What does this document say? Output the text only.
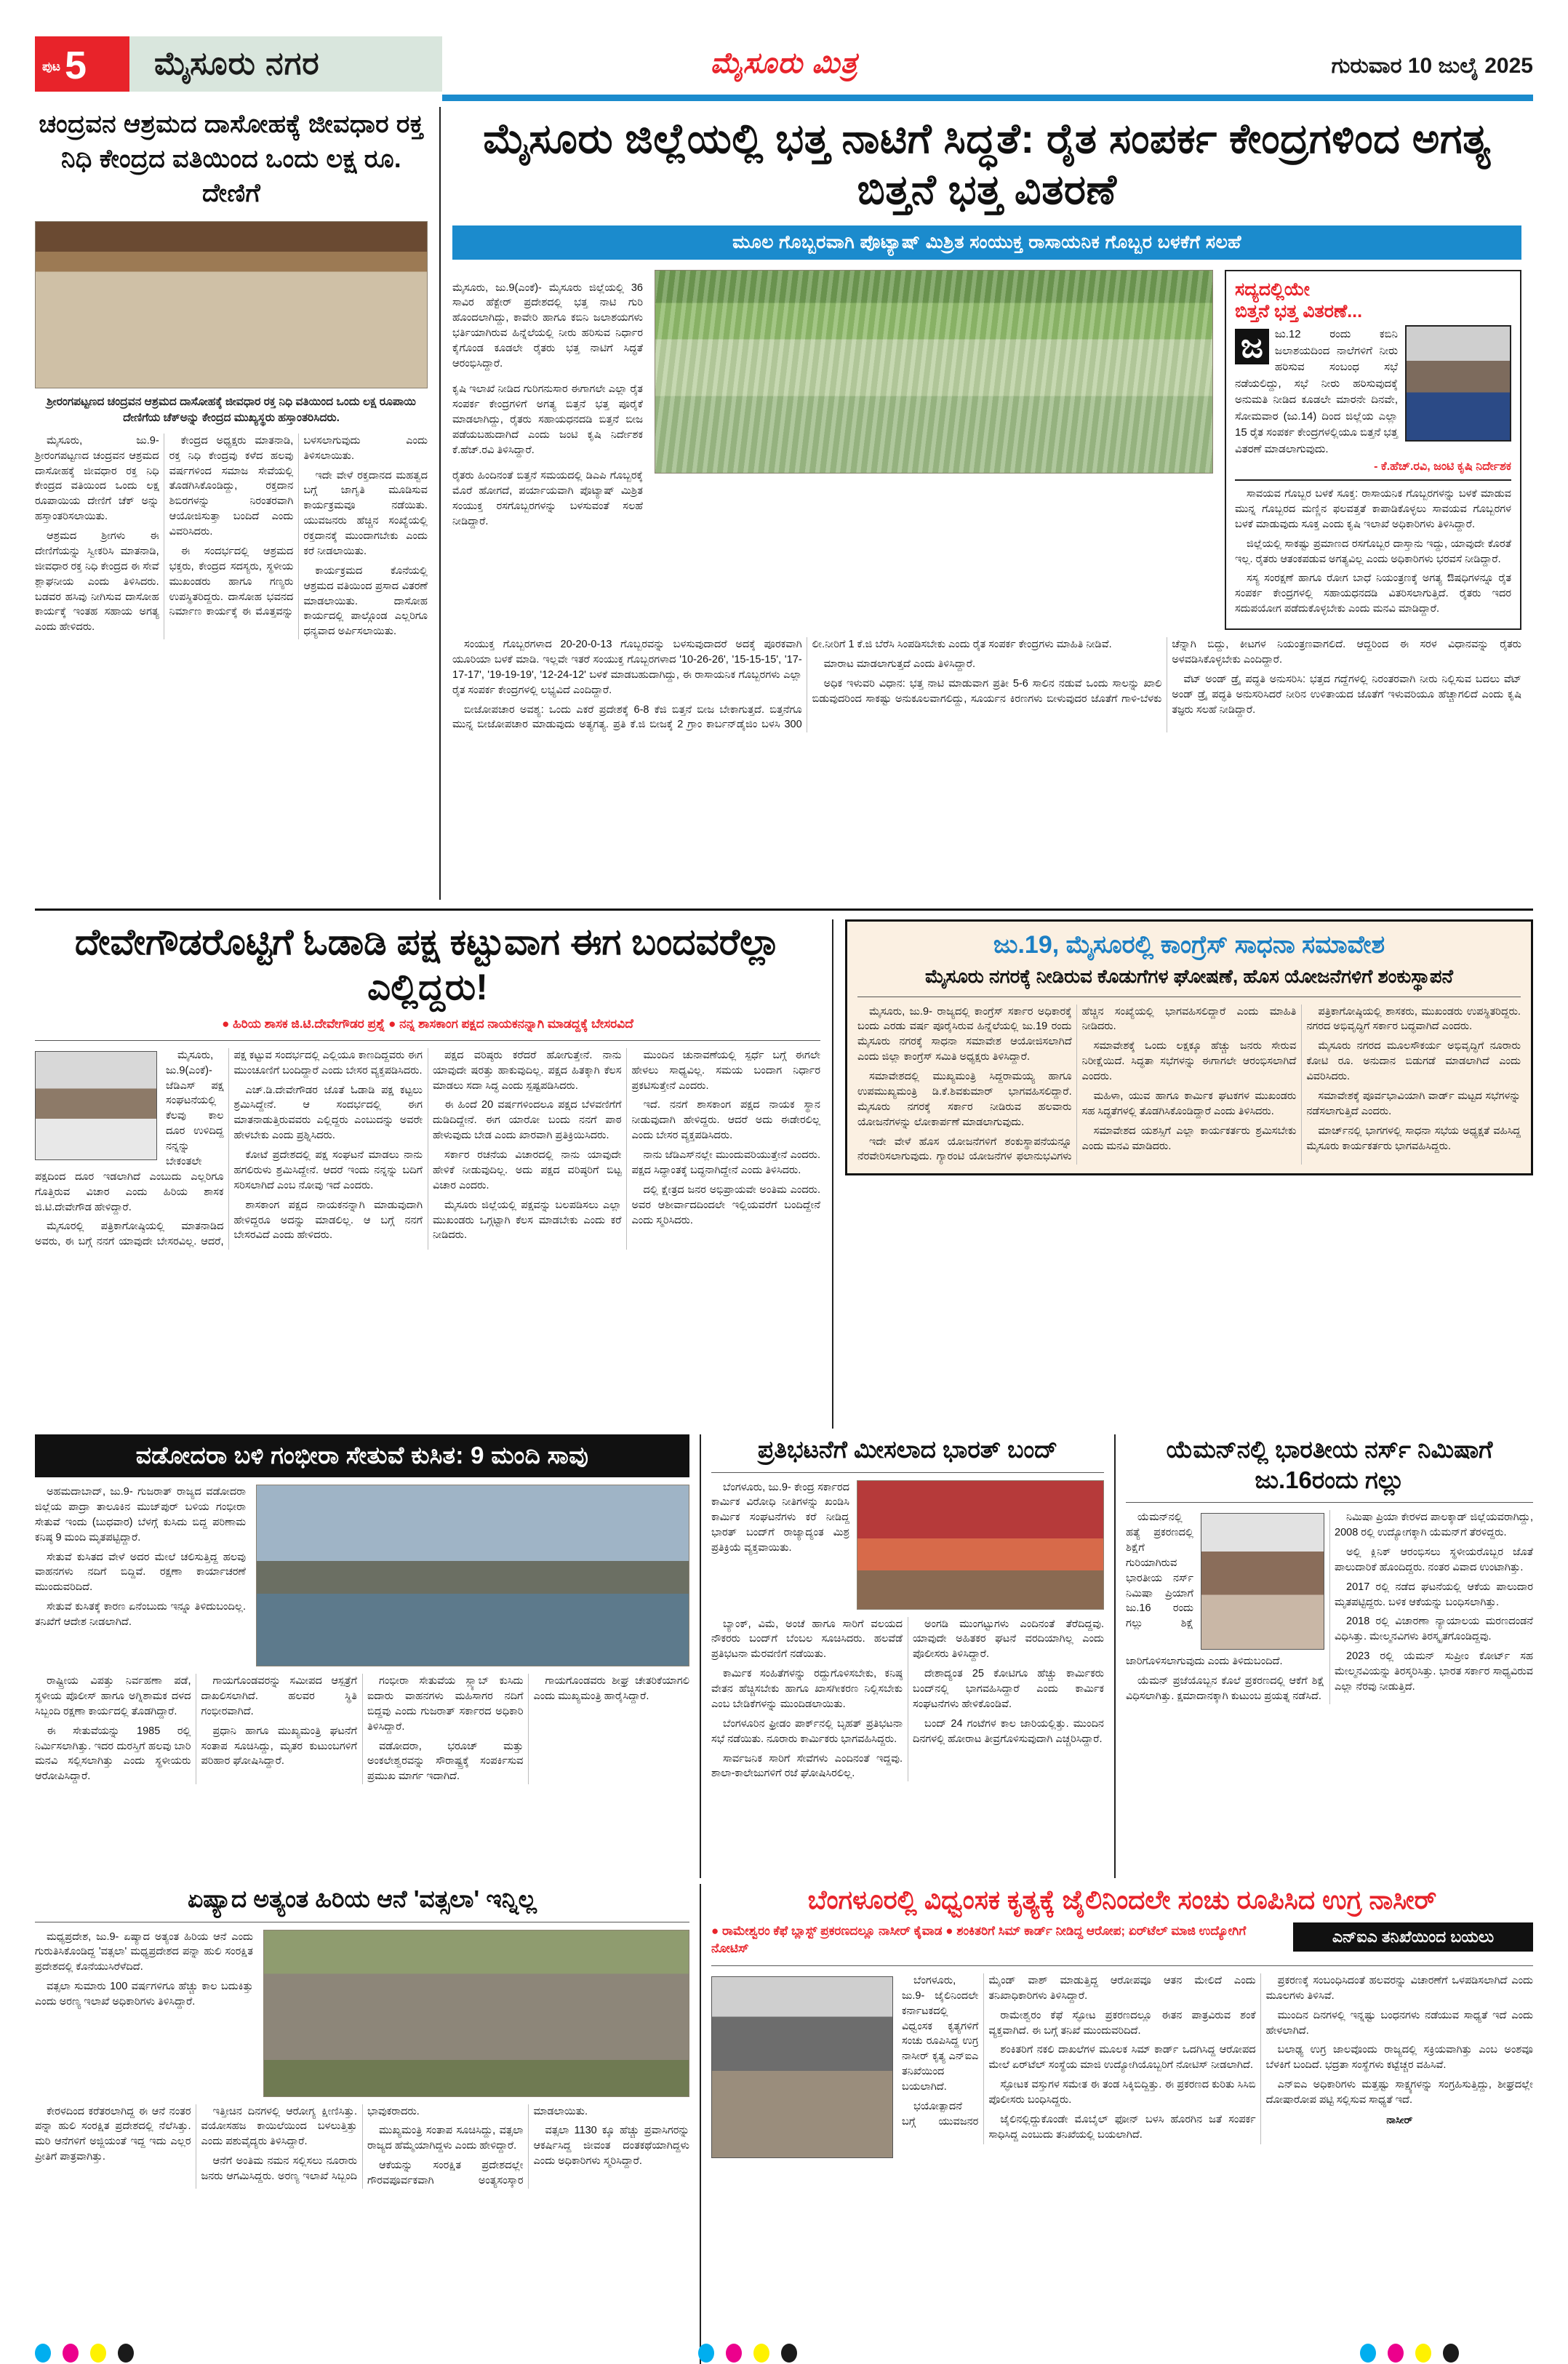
ಪುಟ 5	ಮೈಸೂರು ನಗರ	ಮೈಸೂರು ಮಿತ್ರ	ಗುರುವಾರ 10 ಜುಲೈ 2025
ಚಂದ್ರವನ ಆಶ್ರಮದ ದಾಸೋಹಕ್ಕೆ ಜೀವಧಾರ ರಕ್ತ ನಿಧಿ ಕೇಂದ್ರದ ವತಿಯಿಂದ ಒಂದು ಲಕ್ಷ ರೂ. ದೇಣಿಗೆ
ಶ್ರೀರಂಗಪಟ್ಟಣದ ಚಂದ್ರವನ ಆಶ್ರಮದ ದಾಸೋಹಕ್ಕೆ ಜೀವಧಾರ ರಕ್ತ ನಿಧಿ ವತಿಯಿಂದ ಒಂದು ಲಕ್ಷ ರೂಪಾಯಿ ದೇಣಿಗೆಯ ಚೆಕ್‌ಅನ್ನು ಕೇಂದ್ರದ ಮುಖ್ಯಸ್ಥರು ಹಸ್ತಾಂತರಿಸಿದರು.

ಮೈಸೂರು, ಜು.9- ಶ್ರೀರಂಗಪಟ್ಟಣದ ಚಂದ್ರವನ ಆಶ್ರಮದ ದಾಸೋಹಕ್ಕೆ ಜೀವಧಾರ ರಕ್ತ ನಿಧಿ ಕೇಂದ್ರದ ವತಿಯಿಂದ ಒಂದು ಲಕ್ಷ ರೂಪಾಯಿಯ ದೇಣಿಗೆ ಚೆಕ್ ಅನ್ನು ಹಸ್ತಾಂತರಿಸಲಾಯಿತು.

ಆಶ್ರಮದ ಶ್ರೀಗಳು ಈ ದೇಣಿಗೆಯನ್ನು ಸ್ವೀಕರಿಸಿ ಮಾತನಾಡಿ, ಜೀವಧಾರ ರಕ್ತ ನಿಧಿ ಕೇಂದ್ರದ ಈ ಸೇವೆ ಶ್ಲಾಘನೀಯ ಎಂದು ತಿಳಿಸಿದರು. ಬಡವರ ಹಸಿವು ನೀಗಿಸುವ ದಾಸೋಹ ಕಾರ್ಯಕ್ಕೆ ಇಂತಹ ಸಹಾಯ ಅಗತ್ಯ ಎಂದು ಹೇಳಿದರು.

ಕೇಂದ್ರದ ಅಧ್ಯಕ್ಷರು ಮಾತನಾಡಿ, ರಕ್ತ ನಿಧಿ ಕೇಂದ್ರವು ಕಳೆದ ಹಲವು ವರ್ಷಗಳಿಂದ ಸಮಾಜ ಸೇವೆಯಲ್ಲಿ ತೊಡಗಿಸಿಕೊಂಡಿದ್ದು, ರಕ್ತದಾನ ಶಿಬಿರಗಳನ್ನು ನಿರಂತರವಾಗಿ ಆಯೋಜಿಸುತ್ತಾ ಬಂದಿದೆ ಎಂದು ವಿವರಿಸಿದರು.

ಈ ಸಂದರ್ಭದಲ್ಲಿ ಆಶ್ರಮದ ಭಕ್ತರು, ಕೇಂದ್ರದ ಸದಸ್ಯರು, ಸ್ಥಳೀಯ ಮುಖಂಡರು ಹಾಗೂ ಗಣ್ಯರು ಉಪಸ್ಥಿತರಿದ್ದರು. ದಾಸೋಹ ಭವನದ ನಿರ್ಮಾಣ ಕಾರ್ಯಕ್ಕೆ ಈ ಮೊತ್ತವನ್ನು ಬಳಸಲಾಗುವುದು ಎಂದು ತಿಳಿಸಲಾಯಿತು.

ಇದೇ ವೇಳೆ ರಕ್ತದಾನದ ಮಹತ್ವದ ಬಗ್ಗೆ ಜಾಗೃತಿ ಮೂಡಿಸುವ ಕಾರ್ಯಕ್ರಮವೂ ನಡೆಯಿತು. ಯುವಜನರು ಹೆಚ್ಚಿನ ಸಂಖ್ಯೆಯಲ್ಲಿ ರಕ್ತದಾನಕ್ಕೆ ಮುಂದಾಗಬೇಕು ಎಂದು ಕರೆ ನೀಡಲಾಯಿತು.

ಕಾರ್ಯಕ್ರಮದ ಕೊನೆಯಲ್ಲಿ ಆಶ್ರಮದ ವತಿಯಿಂದ ಪ್ರಸಾದ ವಿತರಣೆ ಮಾಡಲಾಯಿತು. ದಾಸೋಹ ಕಾರ್ಯದಲ್ಲಿ ಪಾಲ್ಗೊಂಡ ಎಲ್ಲರಿಗೂ ಧನ್ಯವಾದ ಅರ್ಪಿಸಲಾಯಿತು.

ಮೈಸೂರು ಜಿಲ್ಲೆಯಲ್ಲಿ ಭತ್ತ ನಾಟಿಗೆ ಸಿದ್ಧತೆ: ರೈತ ಸಂಪರ್ಕ ಕೇಂದ್ರಗಳಿಂದ ಅಗತ್ಯ ಬಿತ್ತನೆ ಭತ್ತ ವಿತರಣೆ
ಮೂಲ ಗೊಬ್ಬರವಾಗಿ ಪೊಟ್ಯಾಷ್ ಮಿಶ್ರಿತ ಸಂಯುಕ್ತ ರಾಸಾಯನಿಕ ಗೊಬ್ಬರ ಬಳಕೆಗೆ ಸಲಹೆ

ಮೈಸೂರು, ಜು.9(ಎಂಕೆ)- ಮೈಸೂರು ಜಿಲ್ಲೆಯಲ್ಲಿ 36 ಸಾವಿರ ಹೆಕ್ಟೇರ್ ಪ್ರದೇಶದಲ್ಲಿ ಭತ್ತ ನಾಟಿ ಗುರಿ ಹೊಂದಲಾಗಿದ್ದು, ಕಾವೇರಿ ಹಾಗೂ ಕಬಿನಿ ಜಲಾಶಯಗಳು ಭರ್ತಿಯಾಗಿರುವ ಹಿನ್ನೆಲೆಯಲ್ಲಿ ನೀರು ಹರಿಸುವ ನಿರ್ಧಾರ ಕೈಗೊಂಡ ಕೂಡಲೇ ರೈತರು ಭತ್ತ ನಾಟಿಗೆ ಸಿದ್ಧತೆ ಆರಂಭಿಸಿದ್ದಾರೆ.

ಕೃಷಿ ಇಲಾಖೆ ನೀಡಿದ ಗುರಿಗನುಸಾರ ಈಗಾಗಲೇ ಎಲ್ಲಾ ರೈತ ಸಂಪರ್ಕ ಕೇಂದ್ರಗಳಿಗೆ ಅಗತ್ಯ ಬಿತ್ತನೆ ಭತ್ತ ಪೂರೈಕೆ ಮಾಡಲಾಗಿದ್ದು, ರೈತರು ಸಹಾಯಧನದಡಿ ಬಿತ್ತನೆ ಬೀಜ ಪಡೆಯಬಹುದಾಗಿದೆ ಎಂದು ಜಂಟಿ ಕೃಷಿ ನಿರ್ದೇಶಕ ಕೆ.ಹೆಚ್.ರವಿ ತಿಳಿಸಿದ್ದಾರೆ.

ರೈತರು ಹಿಂದಿನಂತೆ ಬಿತ್ತನೆ ಸಮಯದಲ್ಲಿ ಡಿಎಪಿ ಗೊಬ್ಬರಕ್ಕೆ ಮೊರೆ ಹೋಗದೆ, ಪರ್ಯಾಯವಾಗಿ ಪೊಟ್ಯಾಷ್ ಮಿಶ್ರಿತ ಸಂಯುಕ್ತ ರಸಗೊಬ್ಬರಗಳನ್ನು ಬಳಸುವಂತೆ ಸಲಹೆ ನೀಡಿದ್ದಾರೆ.

ಸದ್ಯದಲ್ಲಿಯೇ
ಬಿತ್ತನೆ ಭತ್ತ ವಿತರಣೆ...
ಜ	ಜು.12 ರಂದು ಕಬಿನಿ ಜಲಾಶಯದಿಂದ ನಾಲೆಗಳಿಗೆ ನೀರು ಹರಿಸುವ ಸಂಬಂಧ ಸಭೆ ನಡೆಯಲಿದ್ದು, ಸಭೆ ನೀರು ಹರಿಸುವುದಕ್ಕೆ ಅನುಮತಿ ನೀಡಿದ ಕೂಡಲೇ ಮಾರನೇ ದಿನವೇ, ಸೋಮವಾರ (ಜು.14) ದಿಂದ ಜಿಲ್ಲೆಯ ಎಲ್ಲಾ 15 ರೈತ ಸಂಪರ್ಕ ಕೇಂದ್ರಗಳಲ್ಲಿಯೂ ಬಿತ್ತನೆ ಭತ್ತ ವಿತರಣೆ ಮಾಡಲಾಗುವುದು.
- ಕೆ.ಹೆಚ್.ರವಿ, ಜಂಟಿ ಕೃಷಿ ನಿರ್ದೇಶಕ

ಸಾವಯವ ಗೊಬ್ಬರ ಬಳಕೆ ಸೂಕ್ತ: ರಾಸಾಯನಿಕ ಗೊಬ್ಬರಗಳನ್ನು ಬಳಕೆ ಮಾಡುವ ಮುನ್ನ ಗೊಬ್ಬರದ ಮಣ್ಣಿನ ಫಲವತ್ತತೆ ಕಾಪಾಡಿಕೊಳ್ಳಲು ಸಾವಯವ ಗೊಬ್ಬರಗಳ ಬಳಕೆ ಮಾಡುವುದು ಸೂಕ್ತ ಎಂದು ಕೃಷಿ ಇಲಾಖೆ ಅಧಿಕಾರಿಗಳು ತಿಳಿಸಿದ್ದಾರೆ.

ಜಿಲ್ಲೆಯಲ್ಲಿ ಸಾಕಷ್ಟು ಪ್ರಮಾಣದ ರಸಗೊಬ್ಬರ ದಾಸ್ತಾನು ಇದ್ದು, ಯಾವುದೇ ಕೊರತೆ ಇಲ್ಲ. ರೈತರು ಆತಂಕಪಡುವ ಅಗತ್ಯವಿಲ್ಲ ಎಂದು ಅಧಿಕಾರಿಗಳು ಭರವಸೆ ನೀಡಿದ್ದಾರೆ.

ಸಸ್ಯ ಸಂರಕ್ಷಣೆ ಹಾಗೂ ರೋಗ ಬಾಧೆ ನಿಯಂತ್ರಣಕ್ಕೆ ಅಗತ್ಯ ಔಷಧಿಗಳನ್ನೂ ರೈತ ಸಂಪರ್ಕ ಕೇಂದ್ರಗಳಲ್ಲಿ ಸಹಾಯಧನದಡಿ ವಿತರಿಸಲಾಗುತ್ತಿದೆ. ರೈತರು ಇದರ ಸದುಪಯೋಗ ಪಡೆದುಕೊಳ್ಳಬೇಕು ಎಂದು ಮನವಿ ಮಾಡಿದ್ದಾರೆ.

ಸಂಯುಕ್ತ ಗೊಬ್ಬರಗಳಾದ 20-20-0-13 ಗೊಬ್ಬರವನ್ನು ಬಳಸುವುದಾದರೆ ಅದಕ್ಕೆ ಪೂರಕವಾಗಿ ಯೂರಿಯಾ ಬಳಕೆ ಮಾಡಿ. ಇಲ್ಲವೇ ಇತರೆ ಸಂಯುಕ್ತ ಗೊಬ್ಬರಗಳಾದ '10-26-26', '15-15-15', '17-17-17', '19-19-19', '12-24-12' ಬಳಕೆ ಮಾಡಬಹುದಾಗಿದ್ದು, ಈ ರಾಸಾಯನಿಕ ಗೊಬ್ಬರಗಳು ಎಲ್ಲಾ ರೈತ ಸಂಪರ್ಕ ಕೇಂದ್ರಗಳಲ್ಲಿ ಲಭ್ಯವಿದೆ ಎಂದಿದ್ದಾರೆ.

ಬೀಜೋಪಚಾರ ಅವಶ್ಯ: ಒಂದು ಎಕರೆ ಪ್ರದೇಶಕ್ಕೆ 6-8 ಕೆಜಿ ಬಿತ್ತನೆ ಬೀಜ ಬೇಕಾಗುತ್ತದೆ. ಬಿತ್ತನೆಗೂ ಮುನ್ನ ಬೀಜೋಪಚಾರ ಮಾಡುವುದು ಅತ್ಯಗತ್ಯ. ಪ್ರತಿ ಕೆ.ಜಿ ಬೀಜಕ್ಕೆ 2 ಗ್ರಾಂ ಕಾರ್ಬನ್‌ಡೈಜಿಂ ಬಳಸಿ 300 ಲೀ.ನೀರಿಗೆ 1 ಕೆ.ಜಿ ಬೆರೆಸಿ ಸಿಂಪಡಿಸಬೇಕು ಎಂದು ರೈತ ಸಂಪರ್ಕ ಕೇಂದ್ರಗಳು ಮಾಹಿತಿ ನೀಡಿವೆ.

ಮಾರಾಟ ಮಾಡಲಾಗುತ್ತದೆ ಎಂದು ತಿಳಿಸಿದ್ದಾರೆ.

ಅಧಿಕ ಇಳುವರಿ ವಿಧಾನ: ಭತ್ತ ನಾಟಿ ಮಾಡುವಾಗ ಪ್ರತೀ 5-6 ಸಾಲಿನ ನಡುವೆ ಒಂದು ಸಾಲನ್ನು ಖಾಲಿ ಬಿಡುವುದರಿಂದ ಸಾಕಷ್ಟು ಅನುಕೂಲವಾಗಲಿದ್ದು, ಸೂರ್ಯನ ಕಿರಣಗಳು ಬೀಳುವುದರ ಜೊತೆಗೆ ಗಾಳಿ-ಬೆಳಕು ಚೆನ್ನಾಗಿ ಬಿದ್ದು, ಕೀಟಗಳ ನಿಯಂತ್ರಣವಾಗಲಿದೆ. ಆದ್ದರಿಂದ ಈ ಸರಳ ವಿಧಾನವನ್ನು ರೈತರು ಅಳವಡಿಸಿಕೊಳ್ಳಬೇಕು ಎಂದಿದ್ದಾರೆ.

ವೆಟ್ ಅಂಡ್ ಡ್ರೈ ಪದ್ಧತಿ ಅನುಸರಿಸಿ: ಭತ್ತದ ಗದ್ದೆಗಳಲ್ಲಿ ನಿರಂತರವಾಗಿ ನೀರು ನಿಲ್ಲಿಸುವ ಬದಲು ವೆಟ್ ಅಂಡ್ ಡ್ರೈ ಪದ್ಧತಿ ಅನುಸರಿಸಿದರೆ ನೀರಿನ ಉಳಿತಾಯದ ಜೊತೆಗೆ ಇಳುವರಿಯೂ ಹೆಚ್ಚಾಗಲಿದೆ ಎಂದು ಕೃಷಿ ತಜ್ಞರು ಸಲಹೆ ನೀಡಿದ್ದಾರೆ.

ದೇವೇಗೌಡರೊಟ್ಟಿಗೆ ಓಡಾಡಿ ಪಕ್ಷ ಕಟ್ಟುವಾಗ ಈಗ ಬಂದವರೆಲ್ಲಾ ಎಲ್ಲಿದ್ದರು!
● ಹಿರಿಯ ಶಾಸಕ ಜಿ.ಟಿ.ದೇವೇಗೌಡರ ಪ್ರಶ್ನೆ ● ನನ್ನ ಶಾಸಕಾಂಗ ಪಕ್ಷದ ನಾಯಕನನ್ನಾಗಿ ಮಾಡದ್ದಕ್ಕೆ ಬೇಸರವಿದೆ

ಮೈಸೂರು, ಜು.9(ಎಂಕೆ)- ಜೆಡಿಎಸ್ ಪಕ್ಷ ಸಂಘಟನೆಯಲ್ಲಿ ಕೆಲವು ಕಾಲ ದೂರ ಉಳಿದಿದ್ದ ನನ್ನನ್ನು ಬೇಕಂತಲೇ ಪಕ್ಷದಿಂದ ದೂರ ಇಡಲಾಗಿದೆ ಎಂಬುದು ಎಲ್ಲರಿಗೂ ಗೊತ್ತಿರುವ ವಿಚಾರ ಎಂದು ಹಿರಿಯ ಶಾಸಕ ಜಿ.ಟಿ.ದೇವೇಗೌಡ ಹೇಳಿದ್ದಾರೆ.

ಮೈಸೂರಲ್ಲಿ ಪತ್ರಿಕಾಗೋಷ್ಠಿಯಲ್ಲಿ ಮಾತನಾಡಿದ ಅವರು, ಈ ಬಗ್ಗೆ ನನಗೆ ಯಾವುದೇ ಬೇಸರವಿಲ್ಲ. ಆದರೆ, ಪಕ್ಷ ಕಟ್ಟುವ ಸಂದರ್ಭದಲ್ಲಿ ಎಲ್ಲಿಯೂ ಕಾಣದಿದ್ದವರು ಈಗ ಮುಂಚೂಣಿಗೆ ಬಂದಿದ್ದಾರೆ ಎಂದು ಬೇಸರ ವ್ಯಕ್ತಪಡಿಸಿದರು.

ಎಚ್.ಡಿ.ದೇವೇಗೌಡರ ಜೊತೆ ಓಡಾಡಿ ಪಕ್ಷ ಕಟ್ಟಲು ಶ್ರಮಿಸಿದ್ದೇನೆ. ಆ ಸಂದರ್ಭದಲ್ಲಿ ಈಗ ಮಾತನಾಡುತ್ತಿರುವವರು ಎಲ್ಲಿದ್ದರು ಎಂಬುದನ್ನು ಅವರೇ ಹೇಳಬೇಕು ಎಂದು ಪ್ರಶ್ನಿಸಿದರು.

ಕೋಟೆ ಪ್ರದೇಶದಲ್ಲಿ ಪಕ್ಷ ಸಂಘಟನೆ ಮಾಡಲು ನಾನು ಹಗಲಿರುಳು ಶ್ರಮಿಸಿದ್ದೇನೆ. ಆದರೆ ಇಂದು ನನ್ನನ್ನು ಬದಿಗೆ ಸರಿಸಲಾಗಿದೆ ಎಂಬ ನೋವು ಇದೆ ಎಂದರು.

ಶಾಸಕಾಂಗ ಪಕ್ಷದ ನಾಯಕನನ್ನಾಗಿ ಮಾಡುವುದಾಗಿ ಹೇಳಿದ್ದರೂ ಅದನ್ನು ಮಾಡಲಿಲ್ಲ. ಆ ಬಗ್ಗೆ ನನಗೆ ಬೇಸರವಿದೆ ಎಂದು ಹೇಳಿದರು.

ಪಕ್ಷದ ವರಿಷ್ಠರು ಕರೆದರೆ ಹೋಗುತ್ತೇನೆ. ನಾನು ಯಾವುದೇ ಷರತ್ತು ಹಾಕುವುದಿಲ್ಲ. ಪಕ್ಷದ ಹಿತಕ್ಕಾಗಿ ಕೆಲಸ ಮಾಡಲು ಸದಾ ಸಿದ್ಧ ಎಂದು ಸ್ಪಷ್ಟಪಡಿಸಿದರು.

ಈ ಹಿಂದೆ 20 ವರ್ಷಗಳಿಂದಲೂ ಪಕ್ಷದ ಬೆಳವಣಿಗೆಗೆ ದುಡಿದಿದ್ದೇನೆ. ಈಗ ಯಾರೋ ಬಂದು ನನಗೆ ಪಾಠ ಹೇಳುವುದು ಬೇಡ ಎಂದು ಖಾರವಾಗಿ ಪ್ರತಿಕ್ರಿಯಿಸಿದರು.

ಸರ್ಕಾರ ರಚನೆಯ ವಿಚಾರದಲ್ಲಿ ನಾನು ಯಾವುದೇ ಹೇಳಿಕೆ ನೀಡುವುದಿಲ್ಲ. ಅದು ಪಕ್ಷದ ವರಿಷ್ಠರಿಗೆ ಬಿಟ್ಟ ವಿಚಾರ ಎಂದರು.

ಮೈಸೂರು ಜಿಲ್ಲೆಯಲ್ಲಿ ಪಕ್ಷವನ್ನು ಬಲಪಡಿಸಲು ಎಲ್ಲಾ ಮುಖಂಡರು ಒಗ್ಗಟ್ಟಾಗಿ ಕೆಲಸ ಮಾಡಬೇಕು ಎಂದು ಕರೆ ನೀಡಿದರು.

ಮುಂದಿನ ಚುನಾವಣೆಯಲ್ಲಿ ಸ್ಪರ್ಧೆ ಬಗ್ಗೆ ಈಗಲೇ ಹೇಳಲು ಸಾಧ್ಯವಿಲ್ಲ. ಸಮಯ ಬಂದಾಗ ನಿರ್ಧಾರ ಪ್ರಕಟಿಸುತ್ತೇನೆ ಎಂದರು.

ಇದೆ. ನನಗೆ ಶಾಸಕಾಂಗ ಪಕ್ಷದ ನಾಯಕ ಸ್ಥಾನ ನೀಡುವುದಾಗಿ ಹೇಳಿದ್ದರು. ಆದರೆ ಅದು ಈಡೇರಲಿಲ್ಲ ಎಂದು ಬೇಸರ ವ್ಯಕ್ತಪಡಿಸಿದರು.

ನಾನು ಜೆಡಿಎಸ್‌ನಲ್ಲೇ ಮುಂದುವರಿಯುತ್ತೇನೆ ಎಂದರು. ಪಕ್ಷದ ಸಿದ್ಧಾಂತಕ್ಕೆ ಬದ್ಧನಾಗಿದ್ದೇನೆ ಎಂದು ತಿಳಿಸಿದರು.

ದಲ್ಲಿ ಕ್ಷೇತ್ರದ ಜನರ ಅಭಿಪ್ರಾಯವೇ ಅಂತಿಮ ಎಂದರು. ಅವರ ಆಶೀರ್ವಾದದಿಂದಲೇ ಇಲ್ಲಿಯವರೆಗೆ ಬಂದಿದ್ದೇನೆ ಎಂದು ಸ್ಮರಿಸಿದರು.

ಜು.19, ಮೈಸೂರಲ್ಲಿ ಕಾಂಗ್ರೆಸ್ ಸಾಧನಾ ಸಮಾವೇಶ
ಮೈಸೂರು ನಗರಕ್ಕೆ ನೀಡಿರುವ ಕೊಡುಗೆಗಳ ಘೋಷಣೆ, ಹೊಸ ಯೋಜನೆಗಳಿಗೆ ಶಂಕುಸ್ಥಾಪನೆ

ಮೈಸೂರು, ಜು.9- ರಾಜ್ಯದಲ್ಲಿ ಕಾಂಗ್ರೆಸ್ ಸರ್ಕಾರ ಅಧಿಕಾರಕ್ಕೆ ಬಂದು ಎರಡು ವರ್ಷ ಪೂರೈಸಿರುವ ಹಿನ್ನೆಲೆಯಲ್ಲಿ ಜು.19 ರಂದು ಮೈಸೂರು ನಗರಕ್ಕೆ ಸಾಧನಾ ಸಮಾವೇಶ ಆಯೋಜಿಸಲಾಗಿದೆ ಎಂದು ಜಿಲ್ಲಾ ಕಾಂಗ್ರೆಸ್ ಸಮಿತಿ ಅಧ್ಯಕ್ಷರು ತಿಳಿಸಿದ್ದಾರೆ.

ಸಮಾವೇಶದಲ್ಲಿ ಮುಖ್ಯಮಂತ್ರಿ ಸಿದ್ದರಾಮಯ್ಯ ಹಾಗೂ ಉಪಮುಖ್ಯಮಂತ್ರಿ ಡಿ.ಕೆ.ಶಿವಕುಮಾರ್ ಭಾಗವಹಿಸಲಿದ್ದಾರೆ. ಮೈಸೂರು ನಗರಕ್ಕೆ ಸರ್ಕಾರ ನೀಡಿರುವ ಹಲವಾರು ಯೋಜನೆಗಳನ್ನು ಲೋಕಾರ್ಪಣೆ ಮಾಡಲಾಗುವುದು.

ಇದೇ ವೇಳೆ ಹೊಸ ಯೋಜನೆಗಳಿಗೆ ಶಂಕುಸ್ಥಾಪನೆಯನ್ನೂ ನೆರವೇರಿಸಲಾಗುವುದು. ಗ್ಯಾರಂಟಿ ಯೋಜನೆಗಳ ಫಲಾನುಭವಿಗಳು ಹೆಚ್ಚಿನ ಸಂಖ್ಯೆಯಲ್ಲಿ ಭಾಗವಹಿಸಲಿದ್ದಾರೆ ಎಂದು ಮಾಹಿತಿ ನೀಡಿದರು.

ಸಮಾವೇಶಕ್ಕೆ ಒಂದು ಲಕ್ಷಕ್ಕೂ ಹೆಚ್ಚು ಜನರು ಸೇರುವ ನಿರೀಕ್ಷೆಯಿದೆ. ಸಿದ್ಧತಾ ಸಭೆಗಳನ್ನು ಈಗಾಗಲೇ ಆರಂಭಿಸಲಾಗಿದೆ ಎಂದರು.

ಮಹಿಳಾ, ಯುವ ಹಾಗೂ ಕಾರ್ಮಿಕ ಘಟಕಗಳ ಮುಖಂಡರು ಸಹ ಸಿದ್ಧತೆಗಳಲ್ಲಿ ತೊಡಗಿಸಿಕೊಂಡಿದ್ದಾರೆ ಎಂದು ತಿಳಿಸಿದರು.

ಸಮಾವೇಶದ ಯಶಸ್ಸಿಗೆ ಎಲ್ಲಾ ಕಾರ್ಯಕರ್ತರು ಶ್ರಮಿಸಬೇಕು ಎಂದು ಮನವಿ ಮಾಡಿದರು.

ಪತ್ರಿಕಾಗೋಷ್ಠಿಯಲ್ಲಿ ಶಾಸಕರು, ಮುಖಂಡರು ಉಪಸ್ಥಿತರಿದ್ದರು. ನಗರದ ಅಭಿವೃದ್ಧಿಗೆ ಸರ್ಕಾರ ಬದ್ಧವಾಗಿದೆ ಎಂದರು.

ಮೈಸೂರು ನಗರದ ಮೂಲಸೌಕರ್ಯ ಅಭಿವೃದ್ಧಿಗೆ ನೂರಾರು ಕೋಟಿ ರೂ. ಅನುದಾನ ಬಿಡುಗಡೆ ಮಾಡಲಾಗಿದೆ ಎಂದು ವಿವರಿಸಿದರು.

ಸಮಾವೇಶಕ್ಕೆ ಪೂರ್ವಭಾವಿಯಾಗಿ ವಾರ್ಡ್ ಮಟ್ಟದ ಸಭೆಗಳನ್ನು ನಡೆಸಲಾಗುತ್ತಿದೆ ಎಂದರು.

ಮಾರ್ಚ್‌ನಲ್ಲಿ ಭಾಗಗಳಲ್ಲಿ ಸಾಧನಾ ಸಭೆಯ ಅಧ್ಯಕ್ಷತೆ ವಹಿಸಿದ್ದ ಮೈಸೂರು ಕಾರ್ಯಕರ್ತರು ಭಾಗವಹಿಸಿದ್ದರು.

ವಡೋದರಾ ಬಳಿ ಗಂಭೀರಾ ಸೇತುವೆ ಕುಸಿತ: 9 ಮಂದಿ ಸಾವು

ಅಹಮದಾಬಾದ್, ಜು.9- ಗುಜರಾತ್ ರಾಜ್ಯದ ವಡೋದರಾ ಜಿಲ್ಲೆಯ ಪಾದ್ರಾ ತಾಲೂಕಿನ ಮುಜ್‌ಪುರ್ ಬಳಿಯ ಗಂಭೀರಾ ಸೇತುವೆ ಇಂದು (ಬುಧವಾರ) ಬೆಳಗ್ಗೆ ಕುಸಿದು ಬಿದ್ದ ಪರಿಣಾಮ ಕನಿಷ್ಠ 9 ಮಂದಿ ಮೃತಪಟ್ಟಿದ್ದಾರೆ.

ಸೇತುವೆ ಕುಸಿತದ ವೇಳೆ ಅದರ ಮೇಲೆ ಚಲಿಸುತ್ತಿದ್ದ ಹಲವು ವಾಹನಗಳು ನದಿಗೆ ಬಿದ್ದಿವೆ. ರಕ್ಷಣಾ ಕಾರ್ಯಾಚರಣೆ ಮುಂದುವರಿದಿದೆ.

ಸೇತುವೆ ಕುಸಿತಕ್ಕೆ ಕಾರಣ ಏನೆಂಬುದು ಇನ್ನೂ ತಿಳಿದುಬಂದಿಲ್ಲ. ತನಿಖೆಗೆ ಆದೇಶ ನೀಡಲಾಗಿದೆ.

ರಾಷ್ಟ್ರೀಯ ವಿಪತ್ತು ನಿರ್ವಹಣಾ ಪಡೆ, ಸ್ಥಳೀಯ ಪೊಲೀಸ್ ಹಾಗೂ ಅಗ್ನಿಶಾಮಕ ದಳದ ಸಿಬ್ಬಂದಿ ರಕ್ಷಣಾ ಕಾರ್ಯದಲ್ಲಿ ತೊಡಗಿದ್ದಾರೆ.

ಈ ಸೇತುವೆಯನ್ನು 1985 ರಲ್ಲಿ ನಿರ್ಮಿಸಲಾಗಿತ್ತು. ಇದರ ದುರಸ್ತಿಗೆ ಹಲವು ಬಾರಿ ಮನವಿ ಸಲ್ಲಿಸಲಾಗಿತ್ತು ಎಂದು ಸ್ಥಳೀಯರು ಆರೋಪಿಸಿದ್ದಾರೆ.

ಗಾಯಗೊಂಡವರನ್ನು ಸಮೀಪದ ಆಸ್ಪತ್ರೆಗೆ ದಾಖಲಿಸಲಾಗಿದೆ. ಹಲವರ ಸ್ಥಿತಿ ಗಂಭೀರವಾಗಿದೆ.

ಪ್ರಧಾನಿ ಹಾಗೂ ಮುಖ್ಯಮಂತ್ರಿ ಘಟನೆಗೆ ಸಂತಾಪ ಸೂಚಿಸಿದ್ದು, ಮೃತರ ಕುಟುಂಬಗಳಿಗೆ ಪರಿಹಾರ ಘೋಷಿಸಿದ್ದಾರೆ.

ಗಂಭೀರಾ ಸೇತುವೆಯ ಸ್ಲ್ಯಾಬ್ ಕುಸಿದು ಐದಾರು ವಾಹನಗಳು ಮಹಿಸಾಗರ ನದಿಗೆ ಬಿದ್ದವು ಎಂದು ಗುಜರಾತ್ ಸರ್ಕಾರದ ಅಧಿಕಾರಿ ತಿಳಿಸಿದ್ದಾರೆ.

ವಡೋದರಾ, ಭರೂಚ್ ಮತ್ತು ಅಂಕಲೇಶ್ವರವನ್ನು ಸೌರಾಷ್ಟ್ರಕ್ಕೆ ಸಂಪರ್ಕಿಸುವ ಪ್ರಮುಖ ಮಾರ್ಗ ಇದಾಗಿದೆ.

ಗಾಯಗೊಂಡವರು ಶೀಘ್ರ ಚೇತರಿಕೆಯಾಗಲಿ ಎಂದು ಮುಖ್ಯಮಂತ್ರಿ ಹಾರೈಸಿದ್ದಾರೆ.

ಪ್ರತಿಭಟನೆಗೆ ಮೀಸಲಾದ ಭಾರತ್ ಬಂದ್

ಬೆಂಗಳೂರು, ಜು.9- ಕೇಂದ್ರ ಸರ್ಕಾರದ ಕಾರ್ಮಿಕ ವಿರೋಧಿ ನೀತಿಗಳನ್ನು ಖಂಡಿಸಿ ಕಾರ್ಮಿಕ ಸಂಘಟನೆಗಳು ಕರೆ ನೀಡಿದ್ದ ಭಾರತ್ ಬಂದ್‌ಗೆ ರಾಜ್ಯಾದ್ಯಂತ ಮಿಶ್ರ ಪ್ರತಿಕ್ರಿಯೆ ವ್ಯಕ್ತವಾಯಿತು.

ಬ್ಯಾಂಕ್, ವಿಮೆ, ಅಂಚೆ ಹಾಗೂ ಸಾರಿಗೆ ವಲಯದ ನೌಕರರು ಬಂದ್‌ಗೆ ಬೆಂಬಲ ಸೂಚಿಸಿದರು. ಹಲವೆಡೆ ಪ್ರತಿಭಟನಾ ಮೆರವಣಿಗೆ ನಡೆಯಿತು.

ಕಾರ್ಮಿಕ ಸಂಹಿತೆಗಳನ್ನು ರದ್ದುಗೊಳಿಸಬೇಕು, ಕನಿಷ್ಠ ವೇತನ ಹೆಚ್ಚಿಸಬೇಕು ಹಾಗೂ ಖಾಸಗೀಕರಣ ನಿಲ್ಲಿಸಬೇಕು ಎಂಬ ಬೇಡಿಕೆಗಳನ್ನು ಮುಂದಿಡಲಾಯಿತು.

ಬೆಂಗಳೂರಿನ ಫ್ರೀಡಂ ಪಾರ್ಕ್‌ನಲ್ಲಿ ಬೃಹತ್ ಪ್ರತಿಭಟನಾ ಸಭೆ ನಡೆಯಿತು. ನೂರಾರು ಕಾರ್ಮಿಕರು ಭಾಗವಹಿಸಿದ್ದರು.

ಸಾರ್ವಜನಿಕ ಸಾರಿಗೆ ಸೇವೆಗಳು ಎಂದಿನಂತೆ ಇದ್ದವು. ಶಾಲಾ-ಕಾಲೇಜುಗಳಿಗೆ ರಜೆ ಘೋಷಿಸಿರಲಿಲ್ಲ.

ಅಂಗಡಿ ಮುಂಗಟ್ಟುಗಳು ಎಂದಿನಂತೆ ತೆರೆದಿದ್ದವು. ಯಾವುದೇ ಅಹಿತಕರ ಘಟನೆ ವರದಿಯಾಗಿಲ್ಲ ಎಂದು ಪೊಲೀಸರು ತಿಳಿಸಿದ್ದಾರೆ.

ದೇಶಾದ್ಯಂತ 25 ಕೋಟಿಗೂ ಹೆಚ್ಚು ಕಾರ್ಮಿಕರು ಬಂದ್‌ನಲ್ಲಿ ಭಾಗವಹಿಸಿದ್ದಾರೆ ಎಂದು ಕಾರ್ಮಿಕ ಸಂಘಟನೆಗಳು ಹೇಳಿಕೊಂಡಿವೆ.

ಬಂದ್ 24 ಗಂಟೆಗಳ ಕಾಲ ಜಾರಿಯಲ್ಲಿತ್ತು. ಮುಂದಿನ ದಿನಗಳಲ್ಲಿ ಹೋರಾಟ ತೀವ್ರಗೊಳಿಸುವುದಾಗಿ ಎಚ್ಚರಿಸಿದ್ದಾರೆ.

ಯೆಮನ್‌ನಲ್ಲಿ ಭಾರತೀಯ ನರ್ಸ್ ನಿಮಿಷಾಗೆ ಜು.16ರಂದು ಗಲ್ಲು

ಯೆಮನ್‌ನಲ್ಲಿ ಹತ್ಯೆ ಪ್ರಕರಣದಲ್ಲಿ ಶಿಕ್ಷೆಗೆ ಗುರಿಯಾಗಿರುವ ಭಾರತೀಯ ನರ್ಸ್ ನಿಮಿಷಾ ಪ್ರಿಯಾಗೆ ಜು.16 ರಂದು ಗಲ್ಲು ಶಿಕ್ಷೆ ಜಾರಿಗೊಳಿಸಲಾಗುವುದು ಎಂದು ತಿಳಿದುಬಂದಿದೆ.

ಯೆಮನ್ ಪ್ರಜೆಯೊಬ್ಬನ ಕೊಲೆ ಪ್ರಕರಣದಲ್ಲಿ ಆಕೆಗೆ ಶಿಕ್ಷೆ ವಿಧಿಸಲಾಗಿತ್ತು. ಕ್ಷಮಾದಾನಕ್ಕಾಗಿ ಕುಟುಂಬ ಪ್ರಯತ್ನ ನಡೆಸಿದೆ.

ನಿಮಿಷಾ ಪ್ರಿಯಾ ಕೇರಳದ ಪಾಲಕ್ಕಾಡ್ ಜಿಲ್ಲೆಯವರಾಗಿದ್ದು, 2008 ರಲ್ಲಿ ಉದ್ಯೋಗಕ್ಕಾಗಿ ಯೆಮನ್‌ಗೆ ತೆರಳಿದ್ದರು.

ಅಲ್ಲಿ ಕ್ಲಿನಿಕ್ ಆರಂಭಿಸಲು ಸ್ಥಳೀಯರೊಬ್ಬರ ಜೊತೆ ಪಾಲುದಾರಿಕೆ ಹೊಂದಿದ್ದರು. ನಂತರ ವಿವಾದ ಉಂಟಾಗಿತ್ತು.

2017 ರಲ್ಲಿ ನಡೆದ ಘಟನೆಯಲ್ಲಿ ಆಕೆಯ ಪಾಲುದಾರ ಮೃತಪಟ್ಟಿದ್ದರು. ಬಳಿಕ ಆಕೆಯನ್ನು ಬಂಧಿಸಲಾಗಿತ್ತು.

2018 ರಲ್ಲಿ ವಿಚಾರಣಾ ನ್ಯಾಯಾಲಯ ಮರಣದಂಡನೆ ವಿಧಿಸಿತ್ತು. ಮೇಲ್ಮನವಿಗಳು ತಿರಸ್ಕೃತಗೊಂಡಿದ್ದವು.

2023 ರಲ್ಲಿ ಯೆಮನ್ ಸುಪ್ರೀಂ ಕೋರ್ಟ್ ಸಹ ಮೇಲ್ಮನವಿಯನ್ನು ತಿರಸ್ಕರಿಸಿತ್ತು. ಭಾರತ ಸರ್ಕಾರ ಸಾಧ್ಯವಿರುವ ಎಲ್ಲಾ ನೆರವು ನೀಡುತ್ತಿದೆ.

ಏಷ್ಯಾದ ಅತ್ಯಂತ ಹಿರಿಯ ಆನೆ 'ವತ್ಸಲಾ' ಇನ್ನಿಲ್ಲ

ಮಧ್ಯಪ್ರದೇಶ, ಜು.9- ಏಷ್ಯಾದ ಅತ್ಯಂತ ಹಿರಿಯ ಆನೆ ಎಂದು ಗುರುತಿಸಿಕೊಂಡಿದ್ದ 'ವತ್ಸಲಾ' ಮಧ್ಯಪ್ರದೇಶದ ಪನ್ನಾ ಹುಲಿ ಸಂರಕ್ಷಿತ ಪ್ರದೇಶದಲ್ಲಿ ಕೊನೆಯುಸಿರೆಳೆದಿದೆ.

ವತ್ಸಲಾ ಸುಮಾರು 100 ವರ್ಷಗಳಿಗೂ ಹೆಚ್ಚು ಕಾಲ ಬದುಕಿತ್ತು ಎಂದು ಅರಣ್ಯ ಇಲಾಖೆ ಅಧಿಕಾರಿಗಳು ತಿಳಿಸಿದ್ದಾರೆ.

ಕೇರಳದಿಂದ ಕರೆತರಲಾಗಿದ್ದ ಈ ಆನೆ ನಂತರ ಪನ್ನಾ ಹುಲಿ ಸಂರಕ್ಷಿತ ಪ್ರದೇಶದಲ್ಲಿ ನೆಲೆಸಿತ್ತು. ಮರಿ ಆನೆಗಳಿಗೆ ಅಜ್ಜಿಯಂತೆ ಇದ್ದ ಇದು ಎಲ್ಲರ ಪ್ರೀತಿಗೆ ಪಾತ್ರವಾಗಿತ್ತು.

ಇತ್ತೀಚಿನ ದಿನಗಳಲ್ಲಿ ಆರೋಗ್ಯ ಕ್ಷೀಣಿಸಿತ್ತು. ವಯೋಸಹಜ ಕಾಯಿಲೆಯಿಂದ ಬಳಲುತ್ತಿತ್ತು ಎಂದು ಪಶುವೈದ್ಯರು ತಿಳಿಸಿದ್ದಾರೆ.

ಆನೆಗೆ ಅಂತಿಮ ನಮನ ಸಲ್ಲಿಸಲು ನೂರಾರು ಜನರು ಆಗಮಿಸಿದ್ದರು. ಅರಣ್ಯ ಇಲಾಖೆ ಸಿಬ್ಬಂದಿ ಭಾವುಕರಾದರು.

ಮುಖ್ಯಮಂತ್ರಿ ಸಂತಾಪ ಸೂಚಿಸಿದ್ದು, ವತ್ಸಲಾ ರಾಜ್ಯದ ಹೆಮ್ಮೆಯಾಗಿದ್ದಳು ಎಂದು ಹೇಳಿದ್ದಾರೆ.

ಆಕೆಯನ್ನು ಸಂರಕ್ಷಿತ ಪ್ರದೇಶದಲ್ಲೇ ಗೌರವಪೂರ್ವಕವಾಗಿ ಅಂತ್ಯಸಂಸ್ಕಾರ ಮಾಡಲಾಯಿತು.

ವತ್ಸಲಾ 1130 ಕ್ಕೂ ಹೆಚ್ಚು ಪ್ರವಾಸಿಗರನ್ನು ಆಕರ್ಷಿಸಿದ್ದ ಜೀವಂತ ದಂತಕಥೆಯಾಗಿದ್ದಳು ಎಂದು ಅಧಿಕಾರಿಗಳು ಸ್ಮರಿಸಿದ್ದಾರೆ.

ಬೆಂಗಳೂರಲ್ಲಿ ವಿಧ್ವಂಸಕ ಕೃತ್ಯಕ್ಕೆ ಜೈಲಿನಿಂದಲೇ ಸಂಚು ರೂಪಿಸಿದ ಉಗ್ರ ನಾಸೀರ್
● ರಾಮೇಶ್ವರಂ ಕೆಫೆ ಬ್ಲಾಸ್ಟ್ ಪ್ರಕರಣದಲ್ಲೂ ನಾಸೀರ್ ಕೈವಾಡ ● ಶಂಕಿತರಿಗೆ ಸಿಮ್ ಕಾರ್ಡ್ ನೀಡಿದ್ದ ಆರೋಪ; ಏರ್‌ಟೆಲ್ ಮಾಜಿ ಉದ್ಯೋಗಿಗೆ ನೋಟಿಸ್
ಎನ್‌ಐಎ ತನಿಖೆಯಿಂದ ಬಯಲು

ಬೆಂಗಳೂರು, ಜು.9- ಜೈಲಿನಿಂದಲೇ ಕರ್ನಾಟಕದಲ್ಲಿ ವಿಧ್ವಂಸಕ ಕೃತ್ಯಗಳಿಗೆ ಸಂಚು ರೂಪಿಸಿದ್ದ ಉಗ್ರ ನಾಸೀರ್ ಕೃತ್ಯ ಎನ್‌ಐಎ ತನಿಖೆಯಿಂದ ಬಯಲಾಗಿದೆ.

ಭಯೋತ್ಪಾದನೆ ಬಗ್ಗೆ ಯುವಜನರ ಮೈಂಡ್ ವಾಶ್ ಮಾಡುತ್ತಿದ್ದ ಆರೋಪವೂ ಆತನ ಮೇಲಿದೆ ಎಂದು ತನಿಖಾಧಿಕಾರಿಗಳು ತಿಳಿಸಿದ್ದಾರೆ.

ರಾಮೇಶ್ವರಂ ಕೆಫೆ ಸ್ಫೋಟ ಪ್ರಕರಣದಲ್ಲೂ ಈತನ ಪಾತ್ರವಿರುವ ಶಂಕೆ ವ್ಯಕ್ತವಾಗಿದೆ. ಈ ಬಗ್ಗೆ ತನಿಖೆ ಮುಂದುವರಿದಿದೆ.

ಶಂಕಿತರಿಗೆ ನಕಲಿ ದಾಖಲೆಗಳ ಮೂಲಕ ಸಿಮ್ ಕಾರ್ಡ್ ಒದಗಿಸಿದ್ದ ಆರೋಪದ ಮೇಲೆ ಏರ್‌ಟೆಲ್ ಸಂಸ್ಥೆಯ ಮಾಜಿ ಉದ್ಯೋಗಿಯೊಬ್ಬರಿಗೆ ನೋಟಿಸ್ ನೀಡಲಾಗಿದೆ.

ಸ್ಫೋಟಕ ವಸ್ತುಗಳ ಸಮೇತ ಈ ತಂಡ ಸಿಕ್ಕಿಬಿದ್ದಿತ್ತು. ಈ ಪ್ರಕರಣದ ಕುರಿತು ಸಿಸಿಬಿ ಪೊಲೀಸರು ಬಂಧಿಸಿದ್ದರು.

ಜೈಲಿನಲ್ಲಿದ್ದುಕೊಂಡೇ ಮೊಬೈಲ್ ಫೋನ್ ಬಳಸಿ ಹೊರಗಿನ ಜತೆ ಸಂಪರ್ಕ ಸಾಧಿಸಿದ್ದ ಎಂಬುದು ತನಿಖೆಯಲ್ಲಿ ಬಯಲಾಗಿದೆ.

ಪ್ರಕರಣಕ್ಕೆ ಸಂಬಂಧಿಸಿದಂತೆ ಹಲವರನ್ನು ವಿಚಾರಣೆಗೆ ಒಳಪಡಿಸಲಾಗಿದೆ ಎಂದು ಮೂಲಗಳು ತಿಳಿಸಿವೆ.

ಮುಂದಿನ ದಿನಗಳಲ್ಲಿ ಇನ್ನಷ್ಟು ಬಂಧನಗಳು ನಡೆಯುವ ಸಾಧ್ಯತೆ ಇದೆ ಎಂದು ಹೇಳಲಾಗಿದೆ.

ಬಲಾಢ್ಯ ಉಗ್ರ ಜಾಲವೊಂದು ರಾಜ್ಯದಲ್ಲಿ ಸಕ್ರಿಯವಾಗಿತ್ತು ಎಂಬ ಅಂಶವೂ ಬೆಳಕಿಗೆ ಬಂದಿದೆ. ಭದ್ರತಾ ಸಂಸ್ಥೆಗಳು ಕಟ್ಟೆಚ್ಚರ ವಹಿಸಿವೆ.

ಎನ್‌ಐಎ ಅಧಿಕಾರಿಗಳು ಮತ್ತಷ್ಟು ಸಾಕ್ಷ್ಯಗಳನ್ನು ಸಂಗ್ರಹಿಸುತ್ತಿದ್ದು, ಶೀಘ್ರದಲ್ಲೇ ದೋಷಾರೋಪ ಪಟ್ಟಿ ಸಲ್ಲಿಸುವ ಸಾಧ್ಯತೆ ಇದೆ.

ನಾಸೀರ್
